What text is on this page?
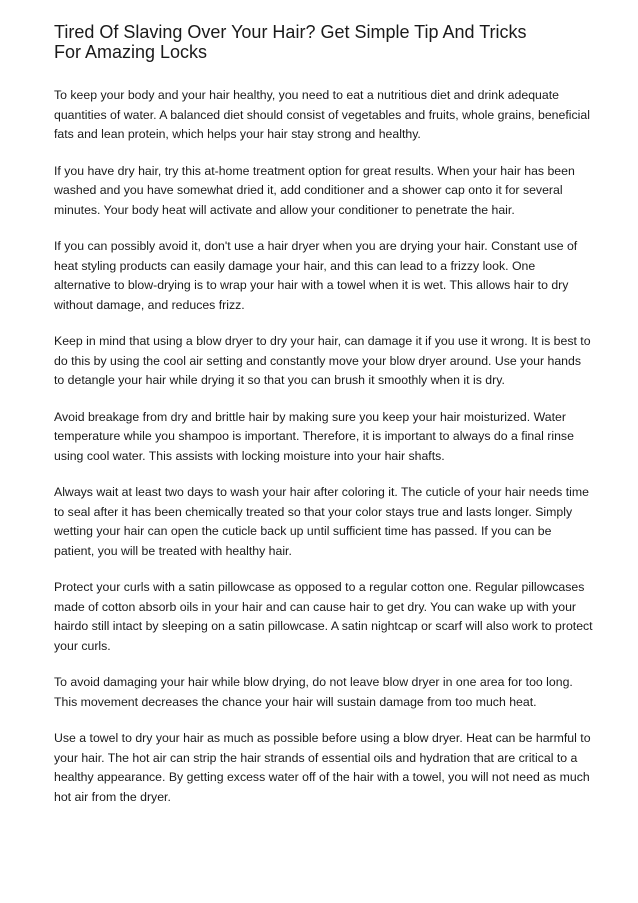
Tired Of Slaving Over Your Hair? Get Simple Tip And Tricks
For Amazing Locks

To keep your body and your hair healthy, you need to eat a nutritious diet and drink adequate quantities of water. A balanced diet should consist of vegetables and fruits, whole grains, beneficial fats and lean protein, which helps your hair stay strong and healthy.

If you have dry hair, try this at-home treatment option for great results. When your hair has been washed and you have somewhat dried it, add conditioner and a shower cap onto it for several minutes. Your body heat will activate and allow your conditioner to penetrate the hair.

If you can possibly avoid it, don't use a hair dryer when you are drying your hair. Constant use of heat styling products can easily damage your hair, and this can lead to a frizzy look. One alternative to blow-drying is to wrap your hair with a towel when it is wet. This allows hair to dry without damage, and reduces frizz.

Keep in mind that using a blow dryer to dry your hair, can damage it if you use it wrong. It is best to do this by using the cool air setting and constantly move your blow dryer around. Use your hands to detangle your hair while drying it so that you can brush it smoothly when it is dry.

Avoid breakage from dry and brittle hair by making sure you keep your hair moisturized. Water temperature while you shampoo is important. Therefore, it is important to always do a final rinse using cool water. This assists with locking moisture into your hair shafts.

Always wait at least two days to wash your hair after coloring it. The cuticle of your hair needs time to seal after it has been chemically treated so that your color stays true and lasts longer. Simply wetting your hair can open the cuticle back up until sufficient time has passed. If you can be patient, you will be treated with healthy hair.

Protect your curls with a satin pillowcase as opposed to a regular cotton one. Regular pillowcases made of cotton absorb oils in your hair and can cause hair to get dry. You can wake up with your hairdo still intact by sleeping on a satin pillowcase. A satin nightcap or scarf will also work to protect your curls.

To avoid damaging your hair while blow drying, do not leave blow dryer in one area for too long. This movement decreases the chance your hair will sustain damage from too much heat.

Use a towel to dry your hair as much as possible before using a blow dryer. Heat can be harmful to your hair. The hot air can strip the hair strands of essential oils and hydration that are critical to a healthy appearance. By getting excess water off of the hair with a towel, you will not need as much hot air from the dryer.
